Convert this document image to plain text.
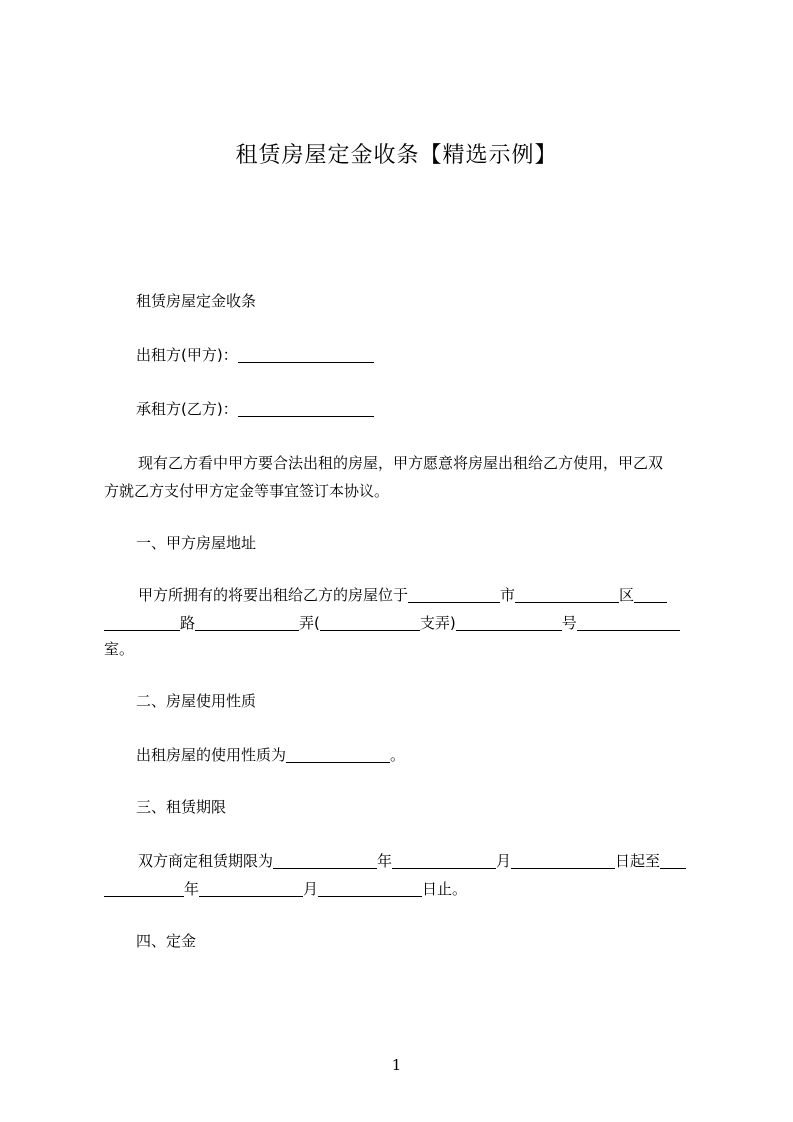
租赁房屋定金收条【精选示例】
租赁房屋定金收条
出租方(甲方)：
承租方(乙方)：
现有乙方看中甲方要合法出租的房屋，甲方愿意将房屋出租给乙方使用，甲乙双
方就乙方支付甲方定金等事宜签订本协议。
一、甲方房屋地址
甲方所拥有的将要出租给乙方的房屋位于	市	区
路	弄(	支弄)	号
室。
二、房屋使用性质
出租房屋的使用性质为	。
三、租赁期限
双方商定租赁期限为	年	月	日起至
年	月	日止。
四、定金
1
